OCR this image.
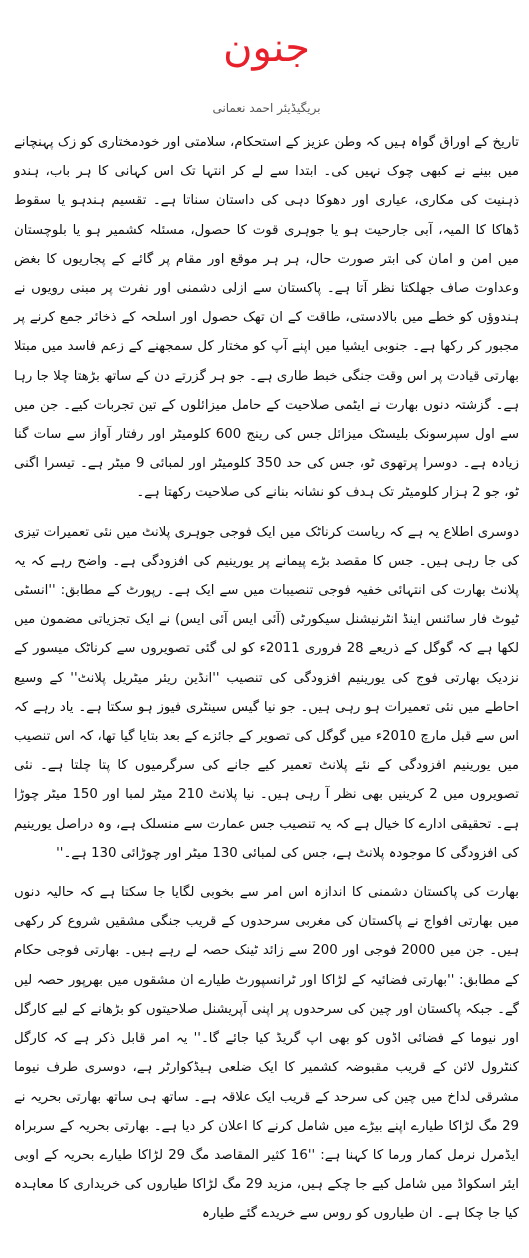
جنون
بریگیڈیئر احمد نعمانی

تاریخ کے اوراق گواہ ہیں کہ وطن عزیز کے استحکام، سلامتی اور خودمختاری کو زک پہنچانے میں بینے نے کبھی چوک نہیں کی۔ ابتدا سے لے کر انتہا تک اس کہانی کا ہر باب، ہندو ذہنیت کی مکاری، عیاری اور دھوکا دہی کی داستان سناتا ہے۔ تقسیم ہندہو یا سقوط ڈھاکا کا المیہ، آبی جارحیت ہو یا جوہری قوت کا حصول، مسئلہ کشمیر ہو یا بلوچستان میں امن و امان کی ابتر صورت حال، ہر ہر موقع اور مقام پر گائے کے پجاریوں کا بغض وعداوت صاف جھلکتا نظر آتا ہے۔ پاکستان سے ازلی دشمنی اور نفرت پر مبنی رویوں نے ہندوؤں کو خطے میں بالادستی، طاقت کے ان تھک حصول اور اسلحہ کے ذخائر جمع کرنے پر مجبور کر رکھا ہے۔ جنوبی ایشیا میں اپنے آپ کو مختار کل سمجھنے کے زعم فاسد میں مبتلا بھارتی قیادت پر اس وقت جنگی خبط طاری ہے۔ جو ہر گزرتے دن کے ساتھ بڑھتا چلا جا رہا ہے۔ گزشتہ دنوں بھارت نے ایٹمی صلاحیت کے حامل میزائلوں کے تین تجربات کیے۔ جن میں سے اول سپرسونک بلیسٹک میزائل جس کی رینج 600 کلومیٹر اور رفتار آواز سے سات گنا زیادہ ہے۔ دوسرا پرتھوی ٹو، جس کی حد 350 کلومیٹر اور لمبائی 9 میٹر ہے۔ تیسرا اگنی ٹو، جو 2 ہزار کلومیٹر تک ہدف کو نشانہ بنانے کی صلاحیت رکھتا ہے۔

دوسری اطلاع یہ ہے کہ ریاست کرناٹک میں ایک فوجی جوہری پلانٹ میں نئی تعمیرات تیزی کی جا رہی ہیں۔ جس کا مقصد بڑے پیمانے پر یورینیم کی افزودگی ہے۔ واضح رہے کہ یہ پلانٹ بھارت کی انتہائی خفیہ فوجی تنصیبات میں سے ایک ہے۔ رپورٹ کے مطابق: ''انسٹی ٹیوٹ فار سائنس اینڈ انٹرنیشنل سیکورٹی (آئی ایس آئی ایس) نے ایک تجزیاتی مضمون میں لکھا ہے کہ گوگل کے ذریعے 28 فروری 2011ء کو لی گئی تصویروں سے کرناٹک میسور کے نزدیک بھارتی فوج کی یورینیم افزودگی کی تنصیب ''انڈین ریئر میٹریل پلانٹ'' کے وسیع احاطے میں نئی تعمیرات ہو رہی ہیں۔ جو نیا گیس سینٹری فیوز ہو سکتا ہے۔ یاد رہے کہ اس سے قبل مارچ 2010ء میں گوگل کی تصویر کے جائزے کے بعد بتایا گیا تھا، کہ اس تنصیب میں یورینیم افزودگی کے نئے پلانٹ تعمیر کیے جانے کی سرگرمیوں کا پتا چلتا ہے۔ نئی تصویروں میں 2 کرینیں بھی نظر آ رہی ہیں۔ نیا پلانٹ 210 میٹر لمبا اور 150 میٹر چوڑا ہے۔ تحقیقی ادارے کا خیال ہے کہ یہ تنصیب جس عمارت سے منسلک ہے، وہ دراصل یورینیم کی افزودگی کا موجودہ پلانٹ ہے، جس کی لمبائی 130 میٹر اور چوڑائی 130 ہے۔''

بھارت کی پاکستان دشمنی کا اندازہ اس امر سے بخوبی لگایا جا سکتا ہے کہ حالیہ دنوں میں بھارتی افواج نے پاکستان کی مغربی سرحدوں کے قریب جنگی مشقیں شروع کر رکھی ہیں۔ جن میں 2000 فوجی اور 200 سے زائد ٹینک حصہ لے رہے ہیں۔ بھارتی فوجی حکام کے مطابق: ''بھارتی فضائیہ کے لڑاکا اور ٹرانسپورٹ طیارے ان مشقوں میں بھرپور حصہ لیں گے۔ جبکہ پاکستان اور چین کی سرحدوں پر اپنی آپریشنل صلاحیتوں کو بڑھانے کے لیے کارگل اور نیوما کے فضائی اڈوں کو بھی اپ گریڈ کیا جائے گا۔'' یہ امر قابل ذکر ہے کہ کارگل کنٹرول لائن کے قریب مقبوضہ کشمیر کا ایک ضلعی ہیڈکوارٹر ہے، دوسری طرف نیوما مشرقی لداخ میں چین کی سرحد کے قریب ایک علاقہ ہے۔ ساتھ ہی ساتھ بھارتی بحریہ نے 29 مگ لڑاکا طیارے اپنے بیڑے میں شامل کرنے کا اعلان کر دیا ہے۔ بھارتی بحریہ کے سربراہ ایڈمرل نرمل کمار ورما کا کہنا ہے: ''16 کثیر المقاصد مگ 29 لڑاکا طیارے بحریہ کے اوبی ایئر اسکواڈ میں شامل کیے جا چکے ہیں، مزید 29 مگ لڑاکا طیاروں کی خریداری کا معاہدہ کیا جا چکا ہے۔ ان طیاروں کو روس سے خریدے گئے طیارہ
